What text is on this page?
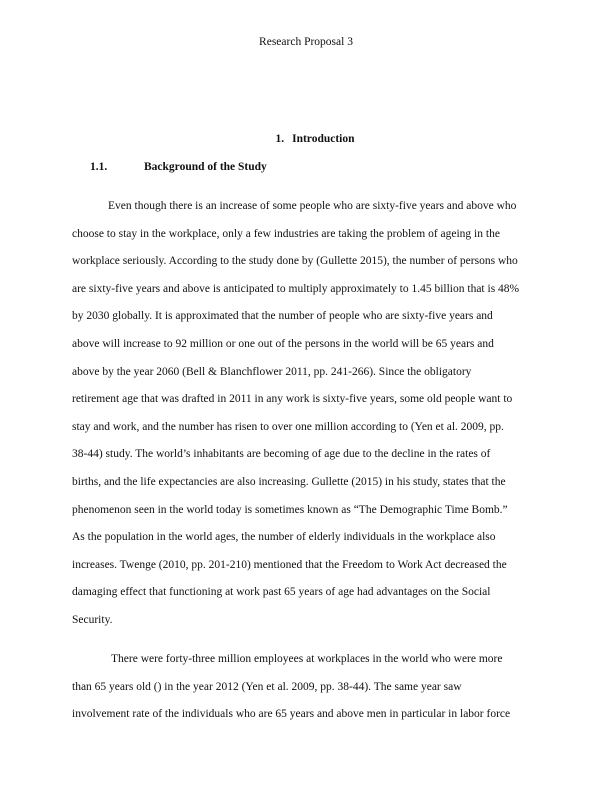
Research Proposal 3
1. Introduction
1.1.	Background of the Study
Even though there is an increase of some people who are sixty-five years and above who
choose to stay in the workplace, only a few industries are taking the problem of ageing in the
workplace seriously. According to the study done by (Gullette 2015), the number of persons who
are sixty-five years and above is anticipated to multiply approximately to 1.45 billion that is 48%
by 2030 globally. It is approximated that the number of people who are sixty-five years and
above will increase to 92 million or one out of the persons in the world will be 65 years and
above by the year 2060 (Bell & Blanchflower 2011, pp. 241-266). Since the obligatory
retirement age that was drafted in 2011 in any work is sixty-five years, some old people want to
stay and work, and the number has risen to over one million according to (Yen et al. 2009, pp.
38-44) study. The world’s inhabitants are becoming of age due to the decline in the rates of
births, and the life expectancies are also increasing. Gullette (2015) in his study, states that the
phenomenon seen in the world today is sometimes known as “The Demographic Time Bomb.”
As the population in the world ages, the number of elderly individuals in the workplace also
increases. Twenge (2010, pp. 201-210) mentioned that the Freedom to Work Act decreased the
damaging effect that functioning at work past 65 years of age had advantages on the Social
Security.
There were forty-three million employees at workplaces in the world who were more
than 65 years old () in the year 2012 (Yen et al. 2009, pp. 38-44). The same year saw
involvement rate of the individuals who are 65 years and above men in particular in labor force
